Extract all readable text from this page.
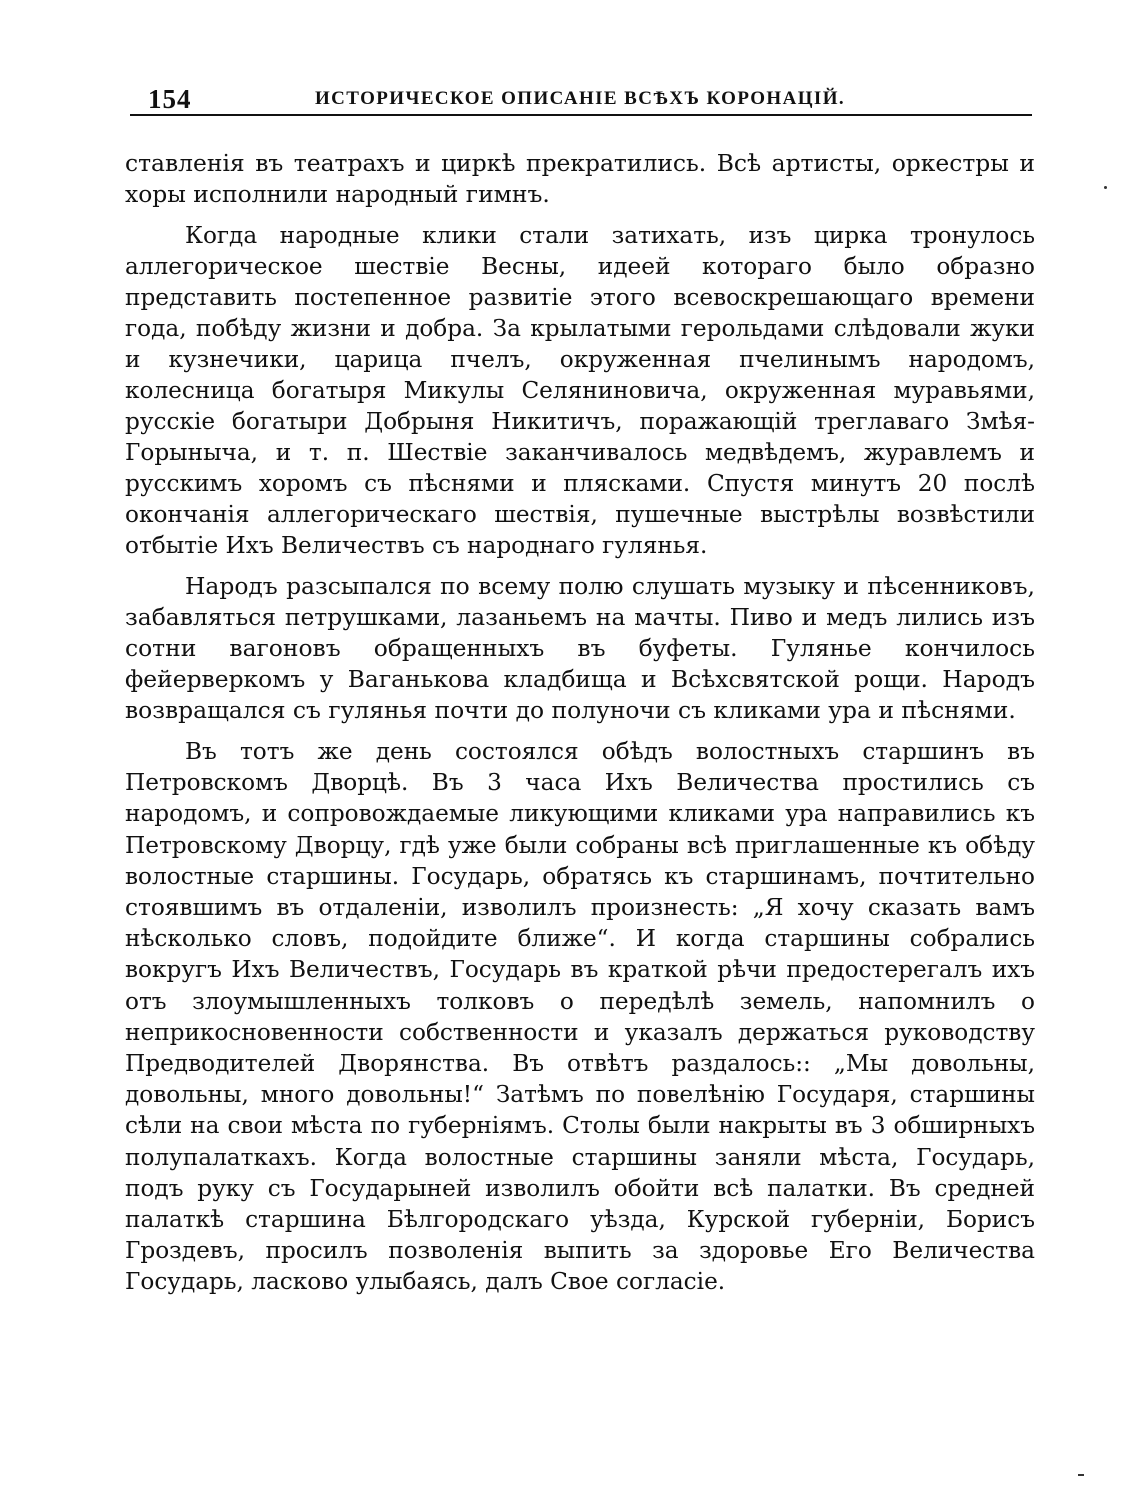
154	ИСТОРИЧЕСКОЕ ОПИСАНІЕ ВСѢХЪ КОРОНАЦІЙ.

ставленія въ театрахъ и циркѣ прекратились. Всѣ артисты, оркестры и хоры исполнили народный гимнъ.

Когда народные клики стали затихать, изъ цирка тронулось аллегорическое шествіе Весны, идеей котораго было образно представить постепенное развитіе этого всевоскрешающаго времени года, побѣду жизни и добра. За крылатыми герольдами слѣдовали жуки и кузнечики, царица пчелъ, окруженная пчелинымъ народомъ, колесница богатыря Микулы Селяниновича, окруженная муравьями, русскіе богатыри Добрыня Никитичъ, поражающій треглаваго Змѣя-Горыныча, и т. п. Шествіе заканчивалось медвѣдемъ, журавлемъ и русскимъ хоромъ съ пѣснями и плясками. Спустя минутъ 20 послѣ окончанія аллегорическаго шествія, пушечные выстрѣлы возвѣстили отбытіе Ихъ Величествъ съ народнаго гулянья.

Народъ разсыпался по всему полю слушать музыку и пѣсенниковъ, забавляться петрушками, лазаньемъ на мачты. Пиво и медъ лились изъ сотни вагоновъ обращенныхъ въ буфеты. Гулянье кончилось фейерверкомъ у Ваганькова кладбища и Всѣхсвятской рощи. Народъ возвращался съ гулянья почти до полуночи съ кликами ура и пѣснями.

Въ тотъ же день состоялся обѣдъ волостныхъ старшинъ въ Петровскомъ Дворцѣ. Въ 3 часа Ихъ Величества простились съ народомъ, и сопровождаемые ликующими кликами ура направились къ Петровскому Дворцу, гдѣ уже были собраны всѣ приглашенные къ обѣду волостные старшины. Государь, обратясь къ старшинамъ, почтительно стоявшимъ въ отдаленіи, изволилъ произнесть: „Я хочу сказать вамъ нѣсколько словъ, подойдите ближе“. И когда старшины собрались вокругъ Ихъ Величествъ, Государь въ краткой рѣчи предостерегалъ ихъ отъ злоумышленныхъ толковъ о передѣлѣ земель, напомнилъ о неприкосновенности собственности и указалъ держаться руководству Предводителей Дворянства. Въ отвѣтъ раздалось:: „Мы довольны, довольны, много довольны!“ Затѣмъ по повелѣнію Государя, старшины сѣли на свои мѣста по губерніямъ. Столы были накрыты въ 3 обширныхъ полупалаткахъ. Когда волостные старшины заняли мѣста, Государь, подъ руку съ Государыней изволилъ обойти всѣ палатки. Въ средней палаткѣ старшина Бѣлгородскаго уѣзда, Курской губерніи, Борисъ Гроздевъ, просилъ позволенія выпить за здоровье Его Величества Государь, ласково улыбаясь, далъ Свое согласіе.
